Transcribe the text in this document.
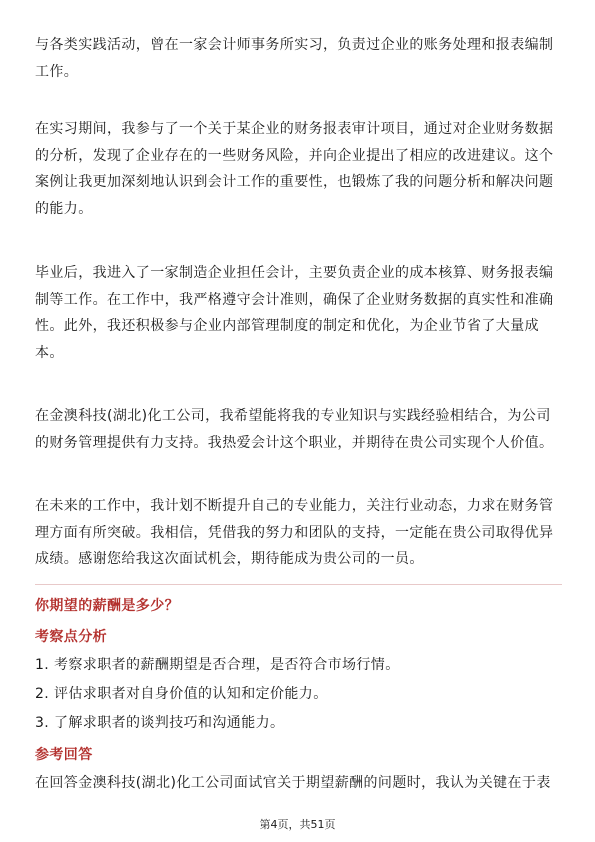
与各类实践活动，曾在一家会计师事务所实习，负责过企业的账务处理和报表编制工作。

在实习期间，我参与了一个关于某企业的财务报表审计项目，通过对企业财务数据的分析，发现了企业存在的一些财务风险，并向企业提出了相应的改进建议。这个案例让我更加深刻地认识到会计工作的重要性，也锻炼了我的问题分析和解决问题的能力。

毕业后，我进入了一家制造企业担任会计，主要负责企业的成本核算、财务报表编制等工作。在工作中，我严格遵守会计准则，确保了企业财务数据的真实性和准确性。此外，我还积极参与企业内部管理制度的制定和优化，为企业节省了大量成本。

在金澳科技(湖北)化工公司，我希望能将我的专业知识与实践经验相结合，为公司的财务管理提供有力支持。我热爱会计这个职业，并期待在贵公司实现个人价值。

在未来的工作中，我计划不断提升自己的专业能力，关注行业动态，力求在财务管理方面有所突破。我相信，凭借我的努力和团队的支持，一定能在贵公司取得优异成绩。感谢您给我这次面试机会，期待能成为贵公司的一员。

你期望的薪酬是多少？

考察点分析

1. 考察求职者的薪酬期望是否合理，是否符合市场行情。
2. 评估求职者对自身价值的认知和定价能力。
3. 了解求职者的谈判技巧和沟通能力。

参考回答

在回答金澳科技(湖北)化工公司面试官关于期望薪酬的问题时，我认为关键在于表

第4页，共51页
